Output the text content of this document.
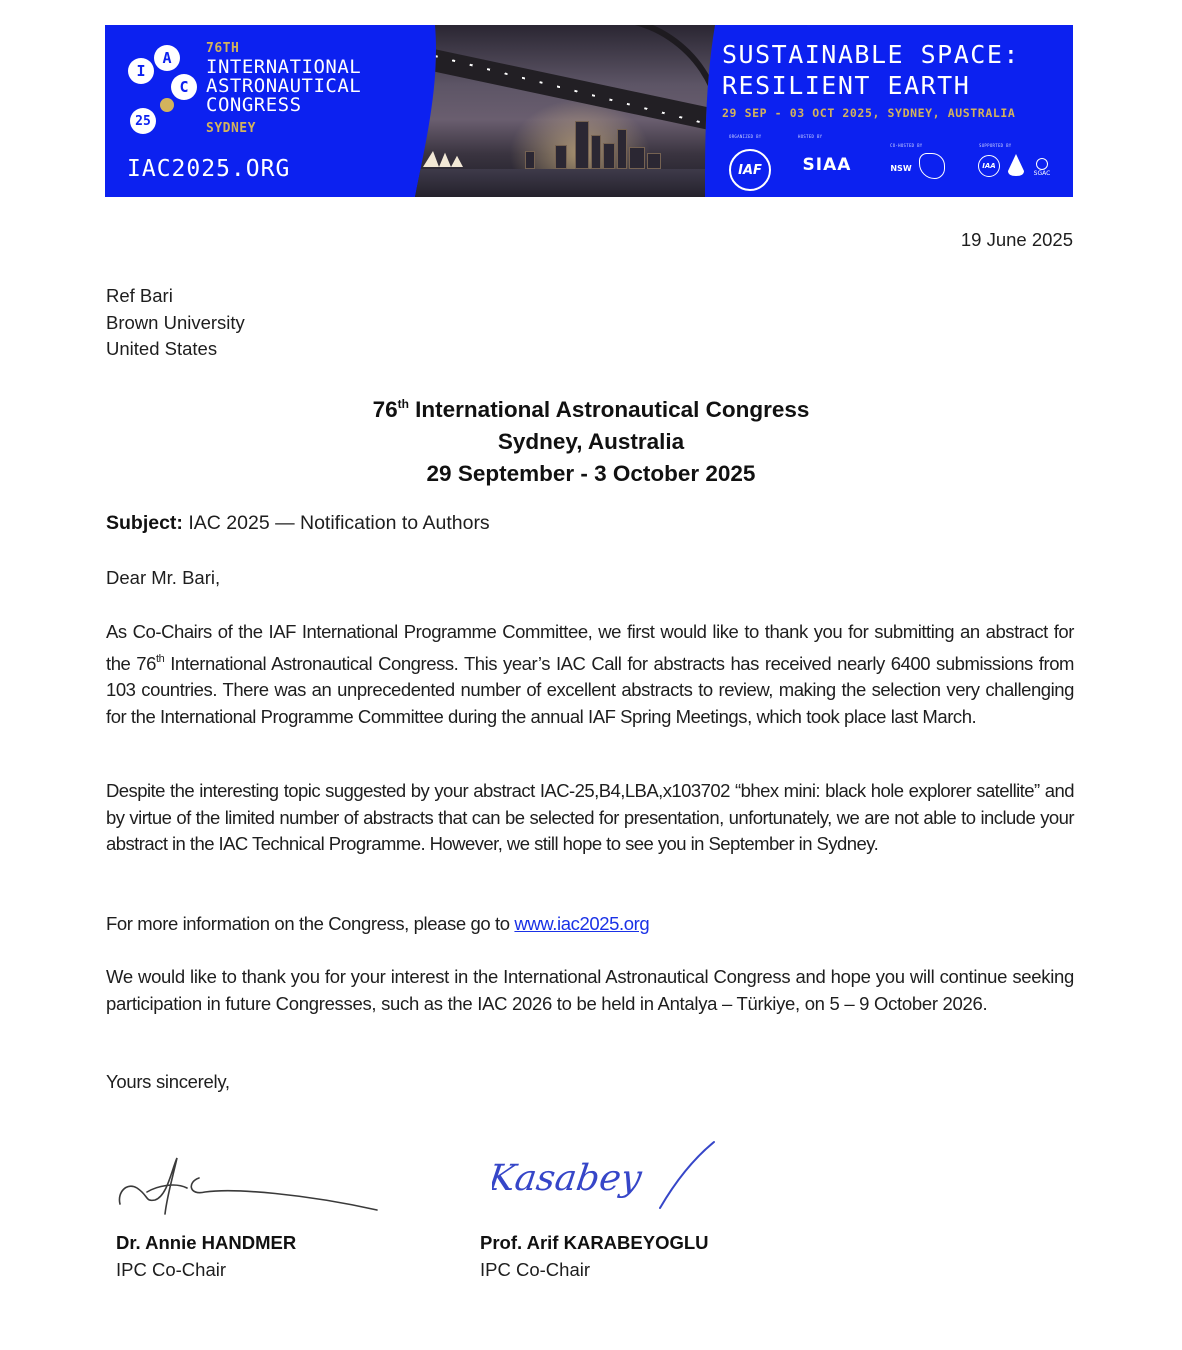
I
A
C
25
76TH
INTERNATIONAL
ASTRONAUTICAL
CONGRESS
SYDNEY
IAC2025.ORG
SUSTAINABLE SPACE:
RESILIENT EARTH
29 SEP - 03 OCT 2025, SYDNEY, AUSTRALIA
ORGANIZED BY
IAF
HOSTED BY
SIAA
CO-HOSTED BY
NSW
SUPPORTED BY
IAA
SGAC
19 June 2025
Ref Bari
Brown University
United States
76th International Astronautical Congress
Sydney, Australia
29 September - 3 October 2025
Subject: IAC 2025 — Notification to Authors
Dear Mr. Bari,
As Co-Chairs of the IAF International Programme Committee, we first would like to thank you for submitting an abstract for the 76th International Astronautical Congress. This year’s IAC Call for abstracts has received nearly 6400 submissions from 103 countries. There was an unprecedented number of excellent abstracts to review, making the selection very challenging for the International Programme Committee during the annual IAF Spring Meetings, which took place last March.
Despite the interesting topic suggested by your abstract IAC-25,B4,LBA,x103702 “bhex mini: black hole explorer satellite” and by virtue of the limited number of abstracts that can be selected for presentation, unfortunately, we are not able to include your abstract in the IAC Technical Programme. However, we still hope to see you in September in Sydney.
For more information on the Congress, please go to www.iac2025.org
We would like to thank you for your interest in the International Astronautical Congress and hope you will continue seeking participation in future Congresses, such as the IAC 2026 to be held in Antalya – Türkiye, on 5 – 9 October 2026.
Yours sincerely,
Dr. Annie HANDMER
IPC Co-Chair
Kasabey
Prof. Arif KARABEYOGLU
IPC Co-Chair
